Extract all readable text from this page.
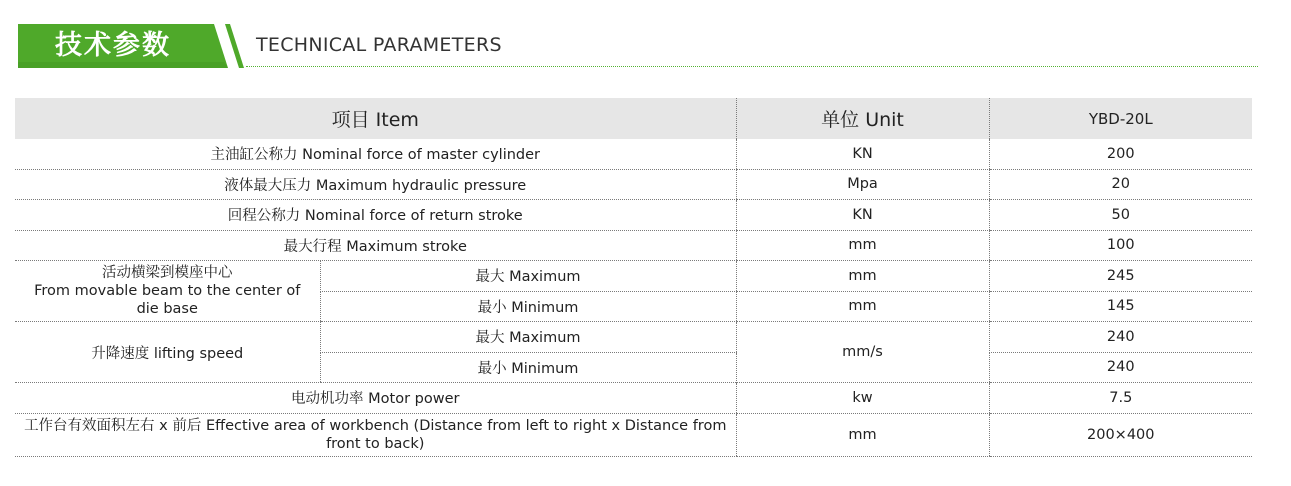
技术参数	TECHNICAL PARAMETERS
项目 Item		单位 Unit	YBD-20L
主油缸公称力 Nominal force of master cylinder		KN	200
液体最大压力 Maximum hydraulic pressure		Mpa	20
回程公称力 Nominal force of return stroke		KN	50
最大行程 Maximum stroke		mm	100

活动横梁到模座中心
From movable beam to the center of die base	最大 Maximum	mm	245
	最小 Minimum	mm	145
升降速度 lifting speed	最大 Maximum	mm/s	240
	最小 Minimum		240
电动机功率 Motor power		kw	7.5
工作台有效面积左右 x 前后 Effective area of workbench (Distance from left to right x Distance from front to back)		mm	200×400
